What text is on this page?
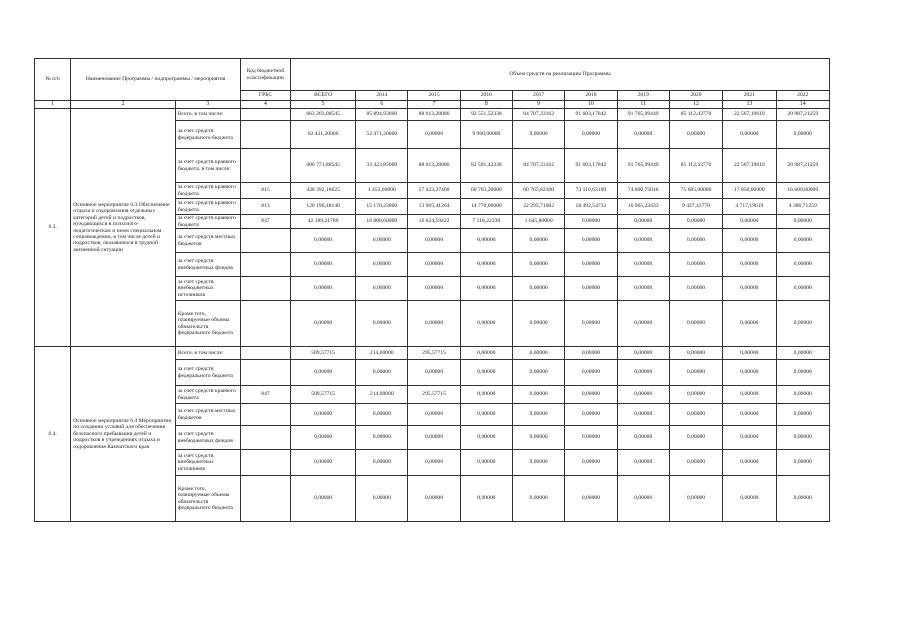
№ п/п	Наименование Программы / подпрограммы / мероприятия		Код бюджетной классификации	Объем средств на реализацию Программы									

			ГРБС	ВСЕГО	2014	2015	2016	2017	2018	2019	2020	2021	2022
1	2	3	4	5	6	7	8	9	10	11	12	13	14
6.3.	Основное мероприятие 6.3 Обеспечение отдыха и оздоровления отдельных категорий детей и подростков, нуждающихся в психолого-педагогическом и ином специальном сопровождении, в том числе детей и подростков, оказавшихся в трудной жизненной ситуации	Всего, в том числе:		663 203,08545	85 894,93000	88 013,28086	92 551,52338	84 707,33162	91 603,17842	91 765,99449	85 112,43770	22 567,19619	20 987,21259
		за счет средств федерального бюджета		62 431,20000	52 471,20000	0,00000	9 960,00000	0,00000	0,00000	0,00000	0,00000	0,00000	0,00000
		за счет средств краевого бюджета, в том числе:		600 771,88545	33 423,83000	88 013,28086	82 591,42338	84 707,33162	91 603,17842	91 765,99449	85 112,43770	22 567,19619	20 987,21259
		за счет средств краевого бюджета	815	438 392,18625	1 453,00000	57 423,27400	60 703,20000	60 765,82100	73 110,63109	74 800,75016	75 685,00000	17 850,00000	16 600,80000
		за счет средств краевого бюджета	813	120 190,48140	15 170,23000	13 965,41264	14 770,00000	22 295,71062	18 492,54733	16 965,23433	9 427,43770	4 717,19619	4 386,71259
		за счет средств краевого бюджета	847	42 189,21780	16 800,60000	16 624,59422	7 118,22338	1 645,80000	0,00000	0,00000	0,00000	0,00000	0,00000
		за счет средств местных бюджетов		0,00000	0,00000	0,00000	0,00000	0,00000	0,00000	0,00000	0,00000	0,00000	0,00000
		за счет средств внебюджетных фондов		0,00000	0,00000	0,00000	0,00000	0,00000	0,00000	0,00000	0,00000	0,00000	0,00000
		за счет средств внебюджетных источников		0,00000	0,00000	0,00000	0,00000	0,00000	0,00000	0,00000	0,00000	0,00000	0,00000
		Кроме того, планируемые объемы обязательств федерального бюджета		0,00000	0,00000	0,00000	0,00000	0,00000	0,00000	0,00000	0,00000	0,00000	0,00000
6.4.	Основное мероприятие 6.4 Мероприятия по созданию условий для обеспечения безопасного пребывания детей и подростков в учреждениях отдыха и оздоровления Камчатского края	Всего, в том числе:		509,57715	214,00000	295,57715	0,00000	0,00000	0,00000	0,00000	0,00000	0,00000	0,00000
		за счет средств федерального бюджета		0,00000	0,00000	0,00000	0,00000	0,00000	0,00000	0,00000	0,00000	0,00000	0,00000
		за счет средств краевого бюджета	847	509,57715	214,00000	295,57715	0,00000	0,00000	0,00000	0,00000	0,00000	0,00000	0,00000
		за счет средств местных бюджетов		0,00000	0,00000	0,00000	0,00000	0,00000	0,00000	0,00000	0,00000	0,00000	0,00000
		за счет средств внебюджетных фондов		0,00000	0,00000	0,00000	0,00000	0,00000	0,00000	0,00000	0,00000	0,00000	0,00000
		за счет средств внебюджетных источников		0,00000	0,00000	0,00000	0,00000	0,00000	0,00000	0,00000	0,00000	0,00000	0,00000
		Кроме того, планируемые объемы обязательств федерального бюджета		0,00000	0,00000	0,00000	0,00000	0,00000	0,00000	0,00000	0,00000	0,00000	0,00000
